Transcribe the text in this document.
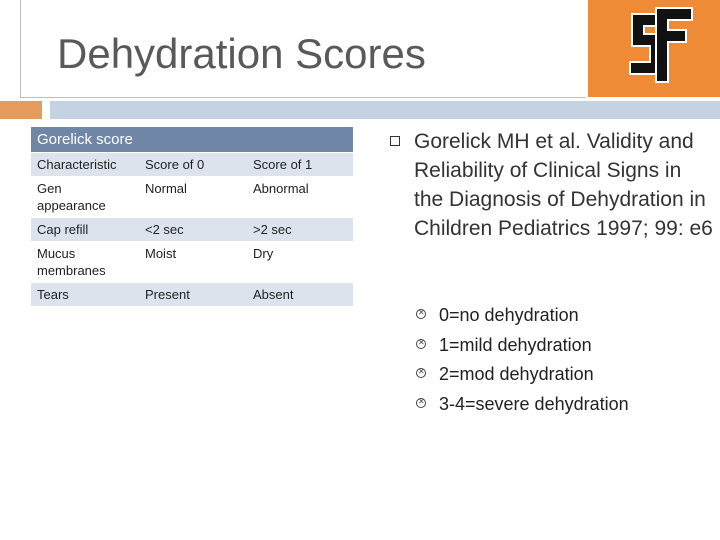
Dehydration Scores
Gorelick score		
Characteristic	Score of 0	Score of 1
Gen appearance	Normal	Abnormal
Cap refill	<2 sec	>2 sec
Mucus membranes	Moist	Dry
Tears	Present	Absent
Gorelick MH et al. Validity and Reliability of Clinical Signs in the Diagnosis of Dehydration in Children Pediatrics 1997; 99: e6
✕
0=no dehydration
✕
1=mild dehydration
✕
2=mod dehydration
✕
3-4=severe dehydration
